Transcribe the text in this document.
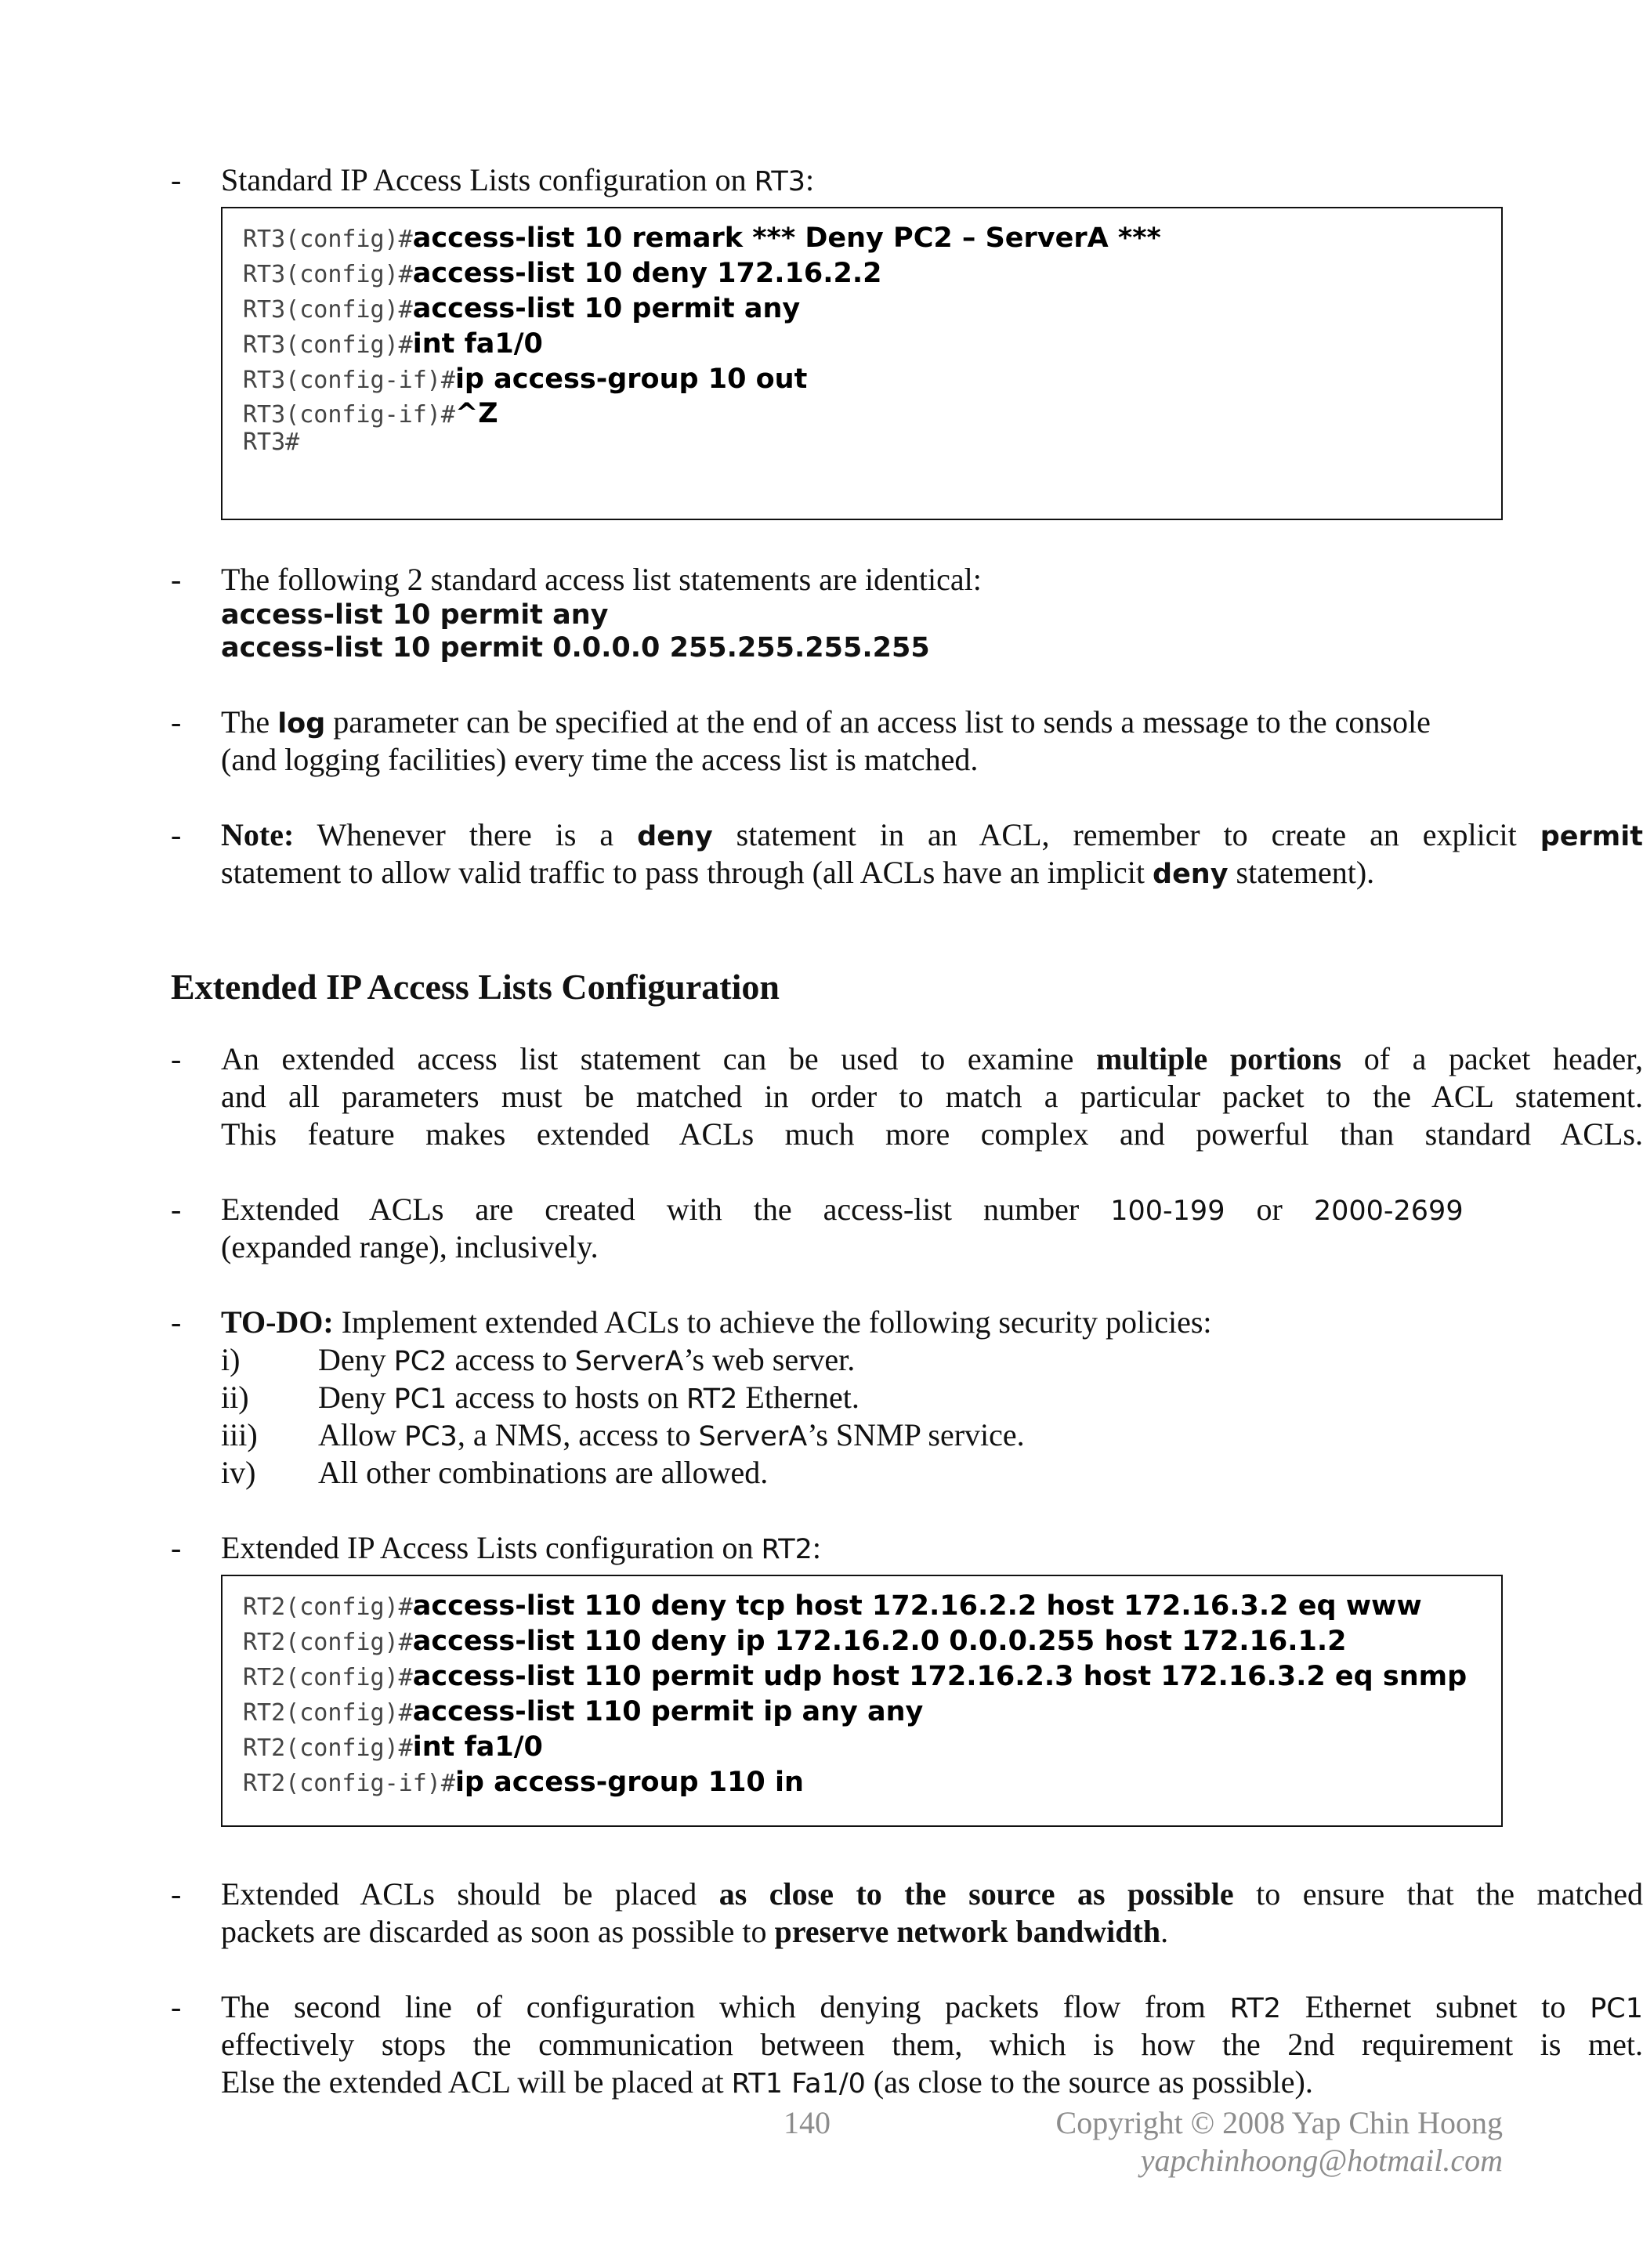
-	Standard IP Access Lists configuration on RT3:
RT3(config)#access-list 10 remark *** Deny PC2 – ServerA ***
RT3(config)#access-list 10 deny 172.16.2.2
RT3(config)#access-list 10 permit any
RT3(config)#int fa1/0
RT3(config-if)#ip access-group 10 out
RT3(config-if)#^Z
RT3#
-	The following 2 standard access list statements are identical:
access-list 10 permit any
access-list 10 permit 0.0.0.0 255.255.255.255
-	The log parameter can be specified at the end of an access list to sends a message to the console
(and logging facilities) every time the access list is matched.
-	Note: Whenever there is a deny statement in an ACL, remember to create an explicit permit
statement to allow valid traffic to pass through (all ACLs have an implicit deny statement).
Extended IP Access Lists Configuration
-	An extended access list statement can be used to examine multiple portions of a packet header,
and all parameters must be matched in order to match a particular packet to the ACL statement.
This feature makes extended ACLs much more complex and powerful than standard ACLs.
-	Extended ACLs are created with the access-list number 100-199 or 2000-2699
(expanded range), inclusively.
-	TO-DO: Implement extended ACLs to achieve the following security policies:
i) Deny PC2 access to ServerA’s web server.
ii) Deny PC1 access to hosts on RT2 Ethernet.
iii) Allow PC3, a NMS, access to ServerA’s SNMP service.
iv) All other combinations are allowed.
-	Extended IP Access Lists configuration on RT2:
RT2(config)#access-list 110 deny tcp host 172.16.2.2 host 172.16.3.2 eq www
RT2(config)#access-list 110 deny ip 172.16.2.0 0.0.0.255 host 172.16.1.2
RT2(config)#access-list 110 permit udp host 172.16.2.3 host 172.16.3.2 eq snmp
RT2(config)#access-list 110 permit ip any any
RT2(config)#int fa1/0
RT2(config-if)#ip access-group 110 in
-	Extended ACLs should be placed as close to the source as possible to ensure that the matched
packets are discarded as soon as possible to preserve network bandwidth.
-	The second line of configuration which denying packets flow from RT2 Ethernet subnet to PC1
effectively stops the communication between them, which is how the 2nd requirement is met.
Else the extended ACL will be placed at RT1 Fa1/0 (as close to the source as possible).
140	Copyright © 2008 Yap Chin Hoong
yapchinhoong@hotmail.com
